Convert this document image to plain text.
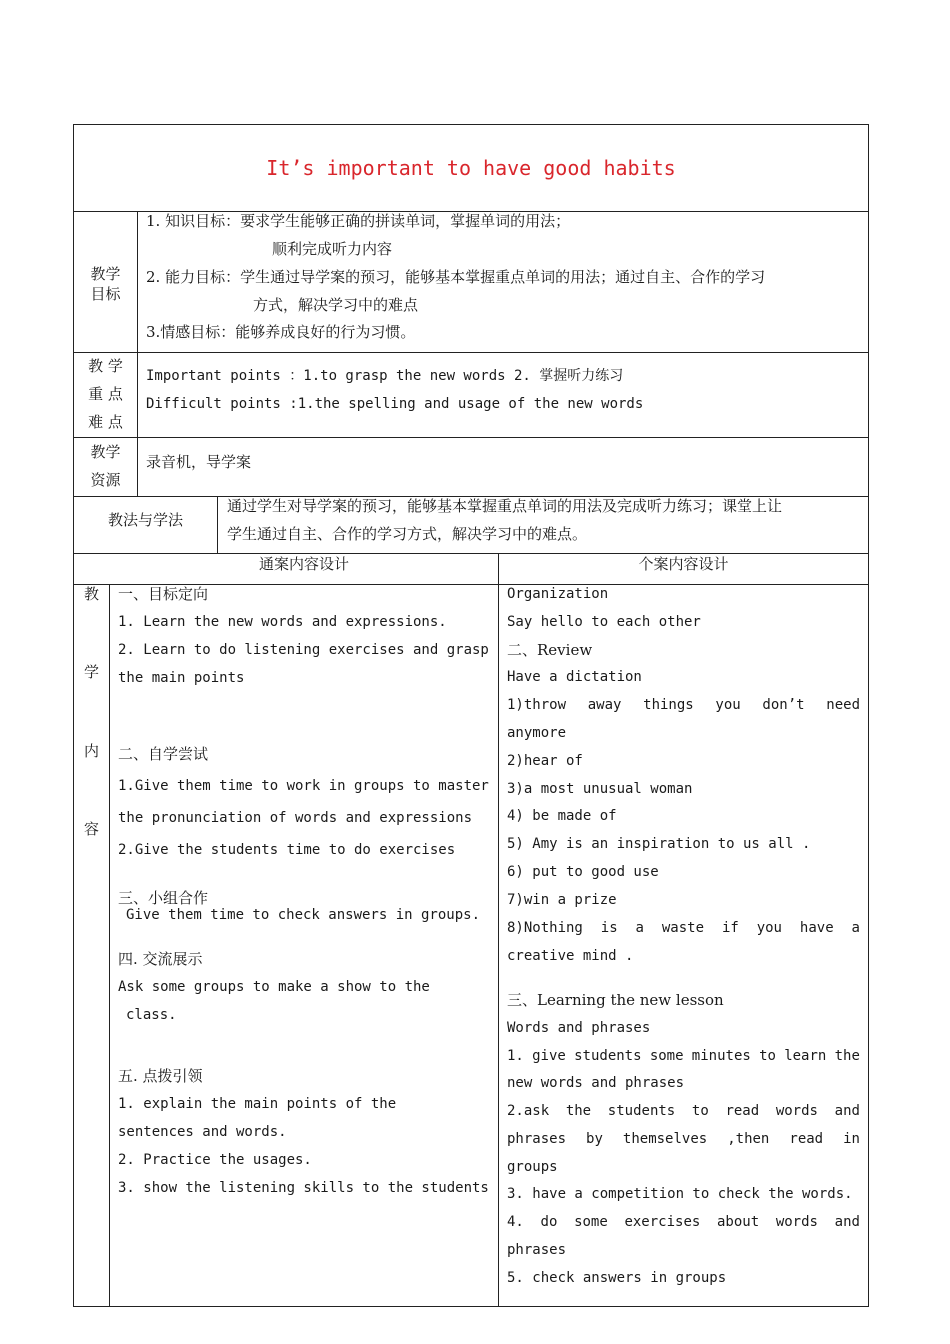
It’s important to have good habits
教学
目标
1. 知识目标：要求学生能够正确的拼读单词，掌握单词的用法；
顺利完成听力内容
2. 能力目标：学生通过导学案的预习，能够基本掌握重点单词的用法；通过自主、合作的学习
方式，解决学习中的难点
3.情感目标：能够养成良好的行为习惯。
教 学
重 点
难 点
Important points ：1.to grasp the new words 2. 掌握听力练习
Difficult points :1.the spelling and usage of the new words
教学
资源
录音机，导学案
教法与学法
通过学生对导学案的预习，能够基本掌握重点单词的用法及完成听力练习；课堂上让
学生通过自主、合作的学习方式，解决学习中的难点。
通案内容设计	个案内容设计
教
学
内
容
一、目标定向
1. Learn the new words and expressions.
2. Learn to do listening exercises and grasp
the main points
二、自学尝试
1.Give them time to work in groups to master
the pronunciation of words and expressions
2.Give the students time to do exercises
三、小组合作
Give them time to check answers in groups.
四. 交流展示
Ask some groups to make a show to the
class.
五. 点拨引领
1. explain the main points of the
sentences and words.
2. Practice the usages.
3. show the listening skills to the students
Organization
Say hello to each other
二、Review
Have a dictation
1)throw away things you don’t need
anymore
2)hear of
3)a most unusual woman
4) be made of
5) Amy is an inspiration to us all .
6) put to good use
7)win a prize
8)Nothing is a waste if you have a
creative mind .
三、Learning the new lesson
Words and phrases
1. give students some minutes to learn the
new words and phrases
2.ask the students to read words and
phrases by themselves ,then read in
groups
3. have a competition to check the words.
4. do some exercises about words and
phrases
5. check answers in groups
